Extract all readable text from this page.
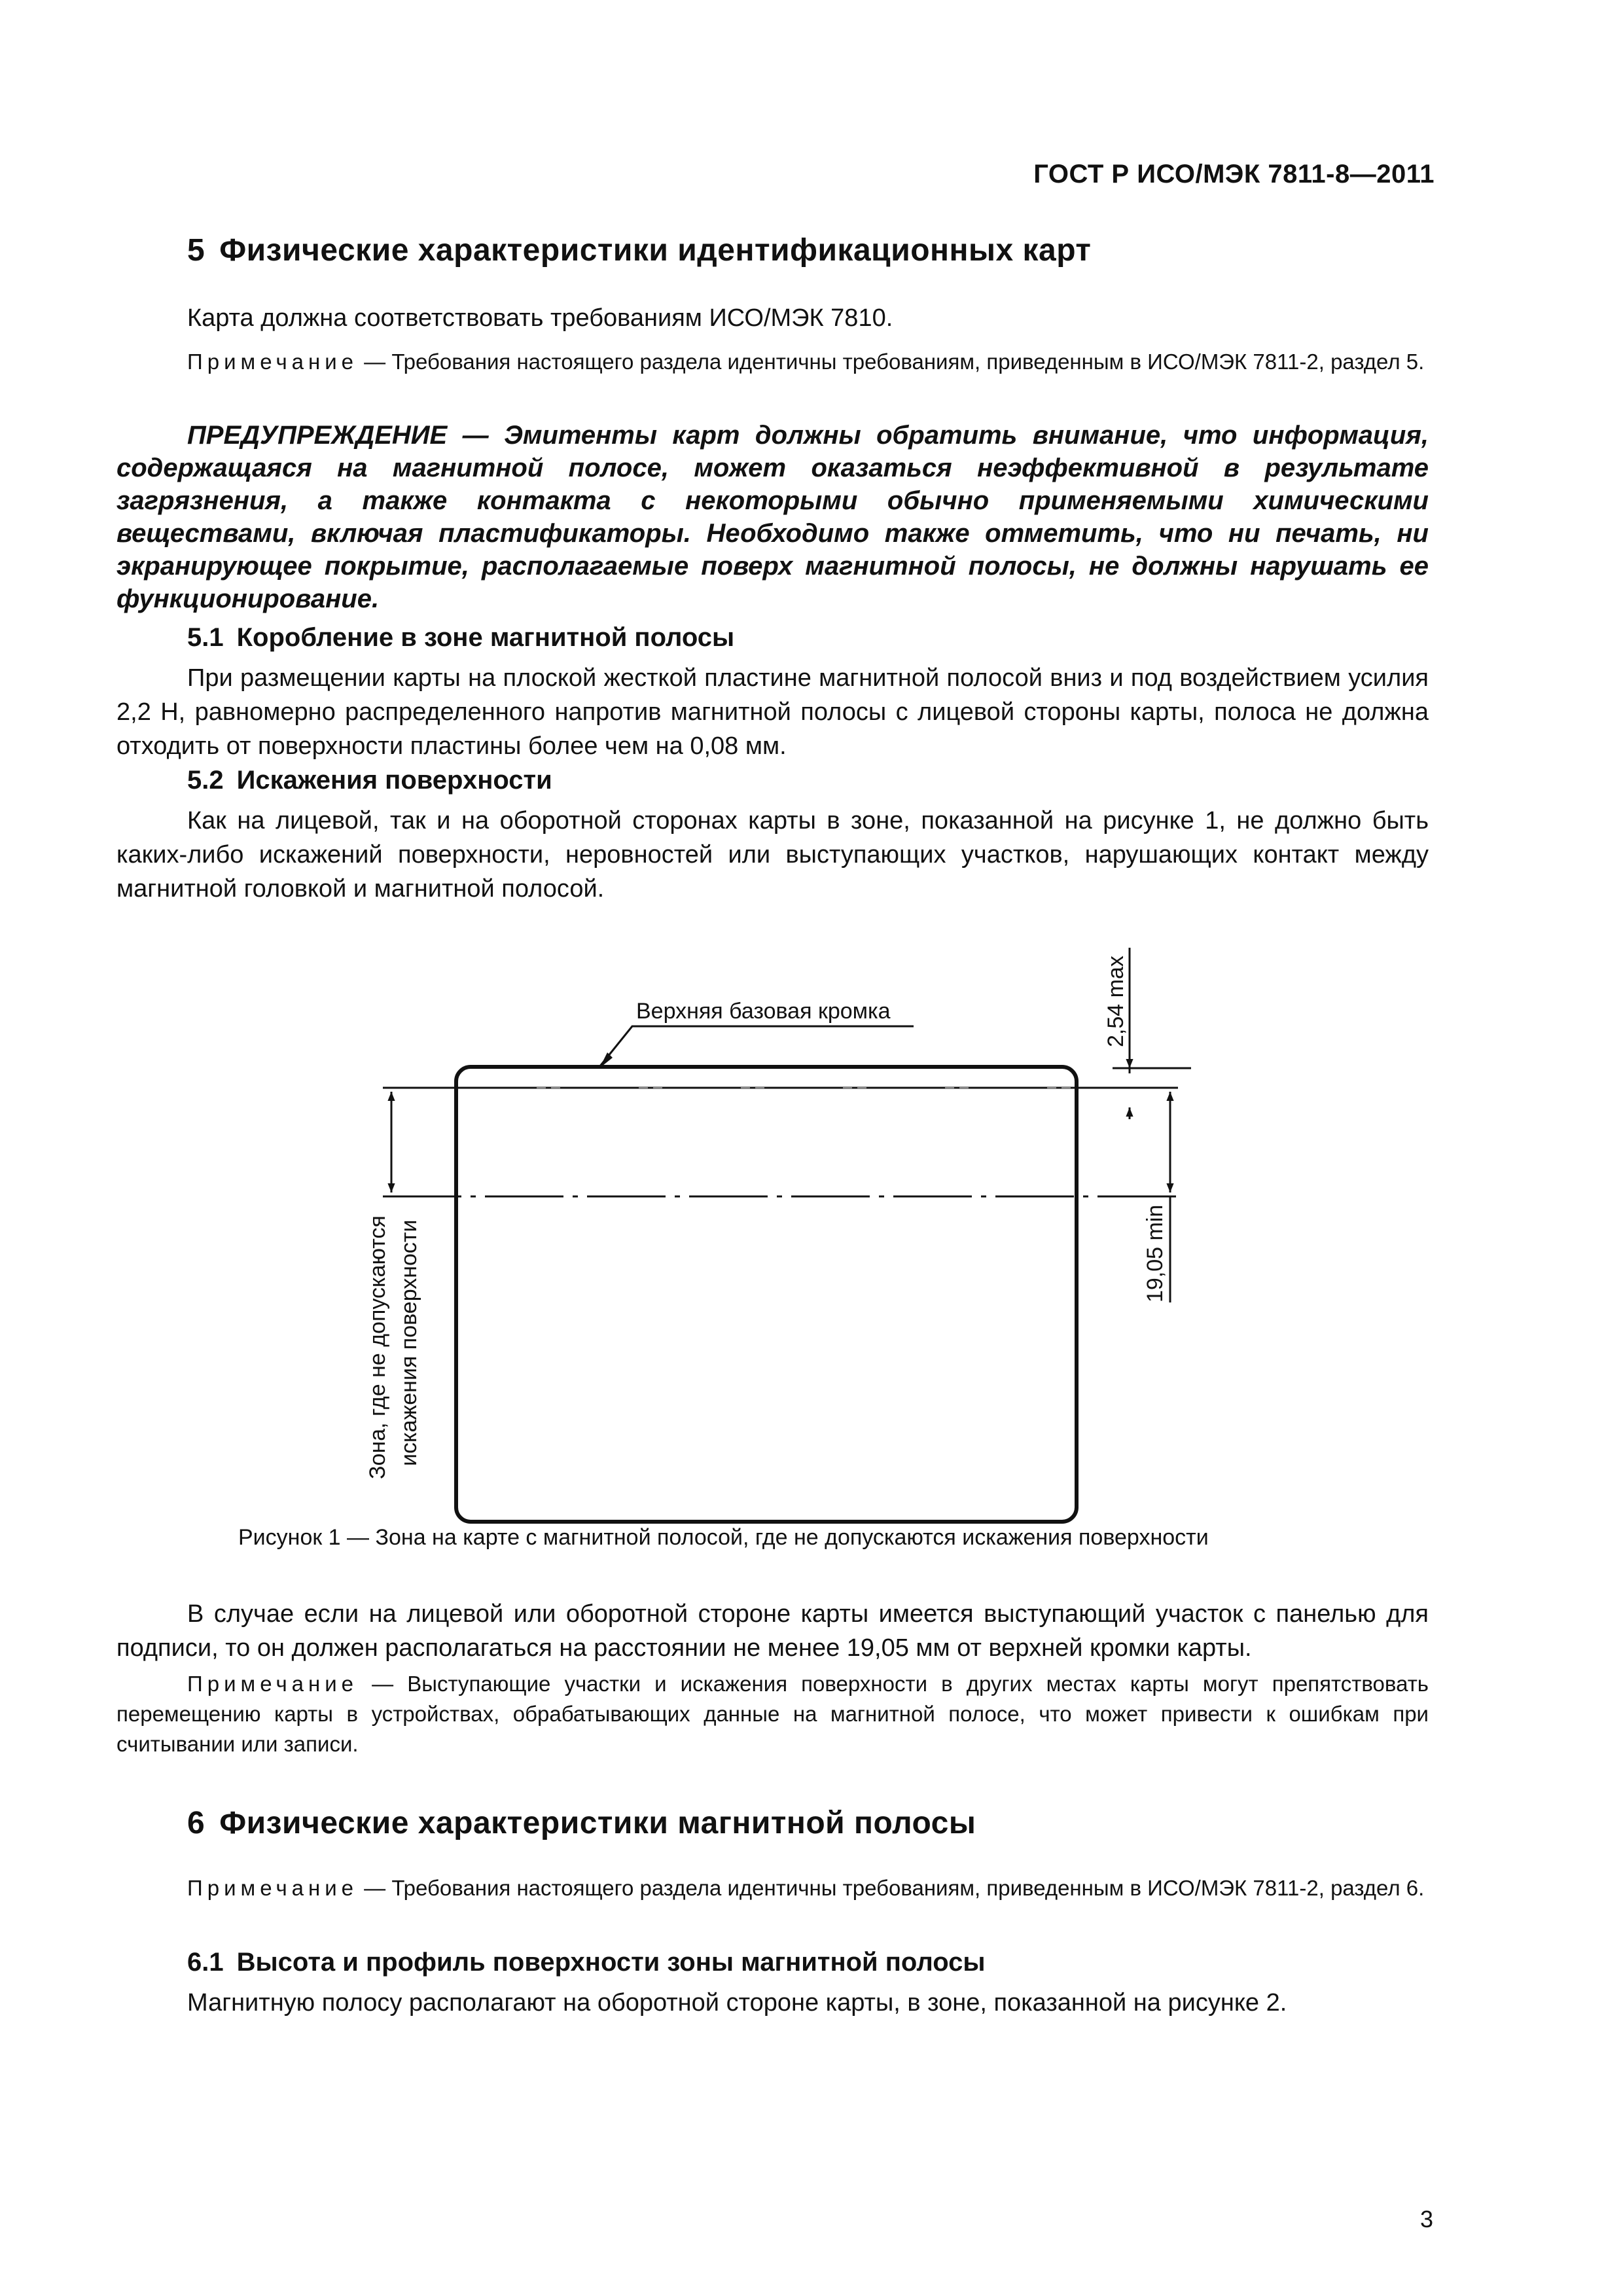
ГОСТ Р ИСО/МЭК 7811-8—2011
5 Физические характеристики идентификационных карт
Карта должна соответствовать требованиям ИСО/МЭК 7810.
Примечание — Требования настоящего раздела идентичны требованиям, приведенным в ИСО/МЭК 7811-2, раздел 5.
ПРЕДУПРЕЖДЕНИЕ — Эмитенты карт должны обратить внимание, что информация, содержащаяся на магнитной полосе, может оказаться неэффективной в результате загрязнения, а также контакта с некоторыми обычно применяемыми химическими веществами, включая пластификаторы. Необходимо также отметить, что ни печать, ни экранирующее покрытие, располагаемые поверх магнитной полосы, не должны нарушать ее функционирование.
5.1 Коробление в зоне магнитной полосы
При размещении карты на плоской жесткой пластине магнитной полосой вниз и под воздействием усилия 2,2 Н, равномерно распределенного напротив магнитной полосы с лицевой стороны карты, полоса не должна отходить от поверхности пластины более чем на 0,08 мм.
5.2 Искажения поверхности
Как на лицевой, так и на оборотной сторонах карты в зоне, показанной на рисунке 1, не должно быть каких-либо искажений поверхности, неровностей или выступающих участков, нарушающих контакт между магнитной головкой и магнитной полосой.
Верхняя базовая кромка	2,54 max
19,05 min
Зона, где не допускаются искажения поверхности
Рисунок 1 — Зона на карте с магнитной полосой, где не допускаются искажения поверхности
В случае если на лицевой или оборотной стороне карты имеется выступающий участок с панелью для подписи, то он должен располагаться на расстоянии не менее 19,05 мм от верхней кромки карты.
Примечание — Выступающие участки и искажения поверхности в других местах карты могут препятствовать перемещению карты в устройствах, обрабатывающих данные на магнитной полосе, что может привести к ошибкам при считывании или записи.
6 Физические характеристики магнитной полосы
Примечание — Требования настоящего раздела идентичны требованиям, приведенным в ИСО/МЭК 7811-2, раздел 6.
6.1 Высота и профиль поверхности зоны магнитной полосы
Магнитную полосу располагают на оборотной стороне карты, в зоне, показанной на рисунке 2.
3
